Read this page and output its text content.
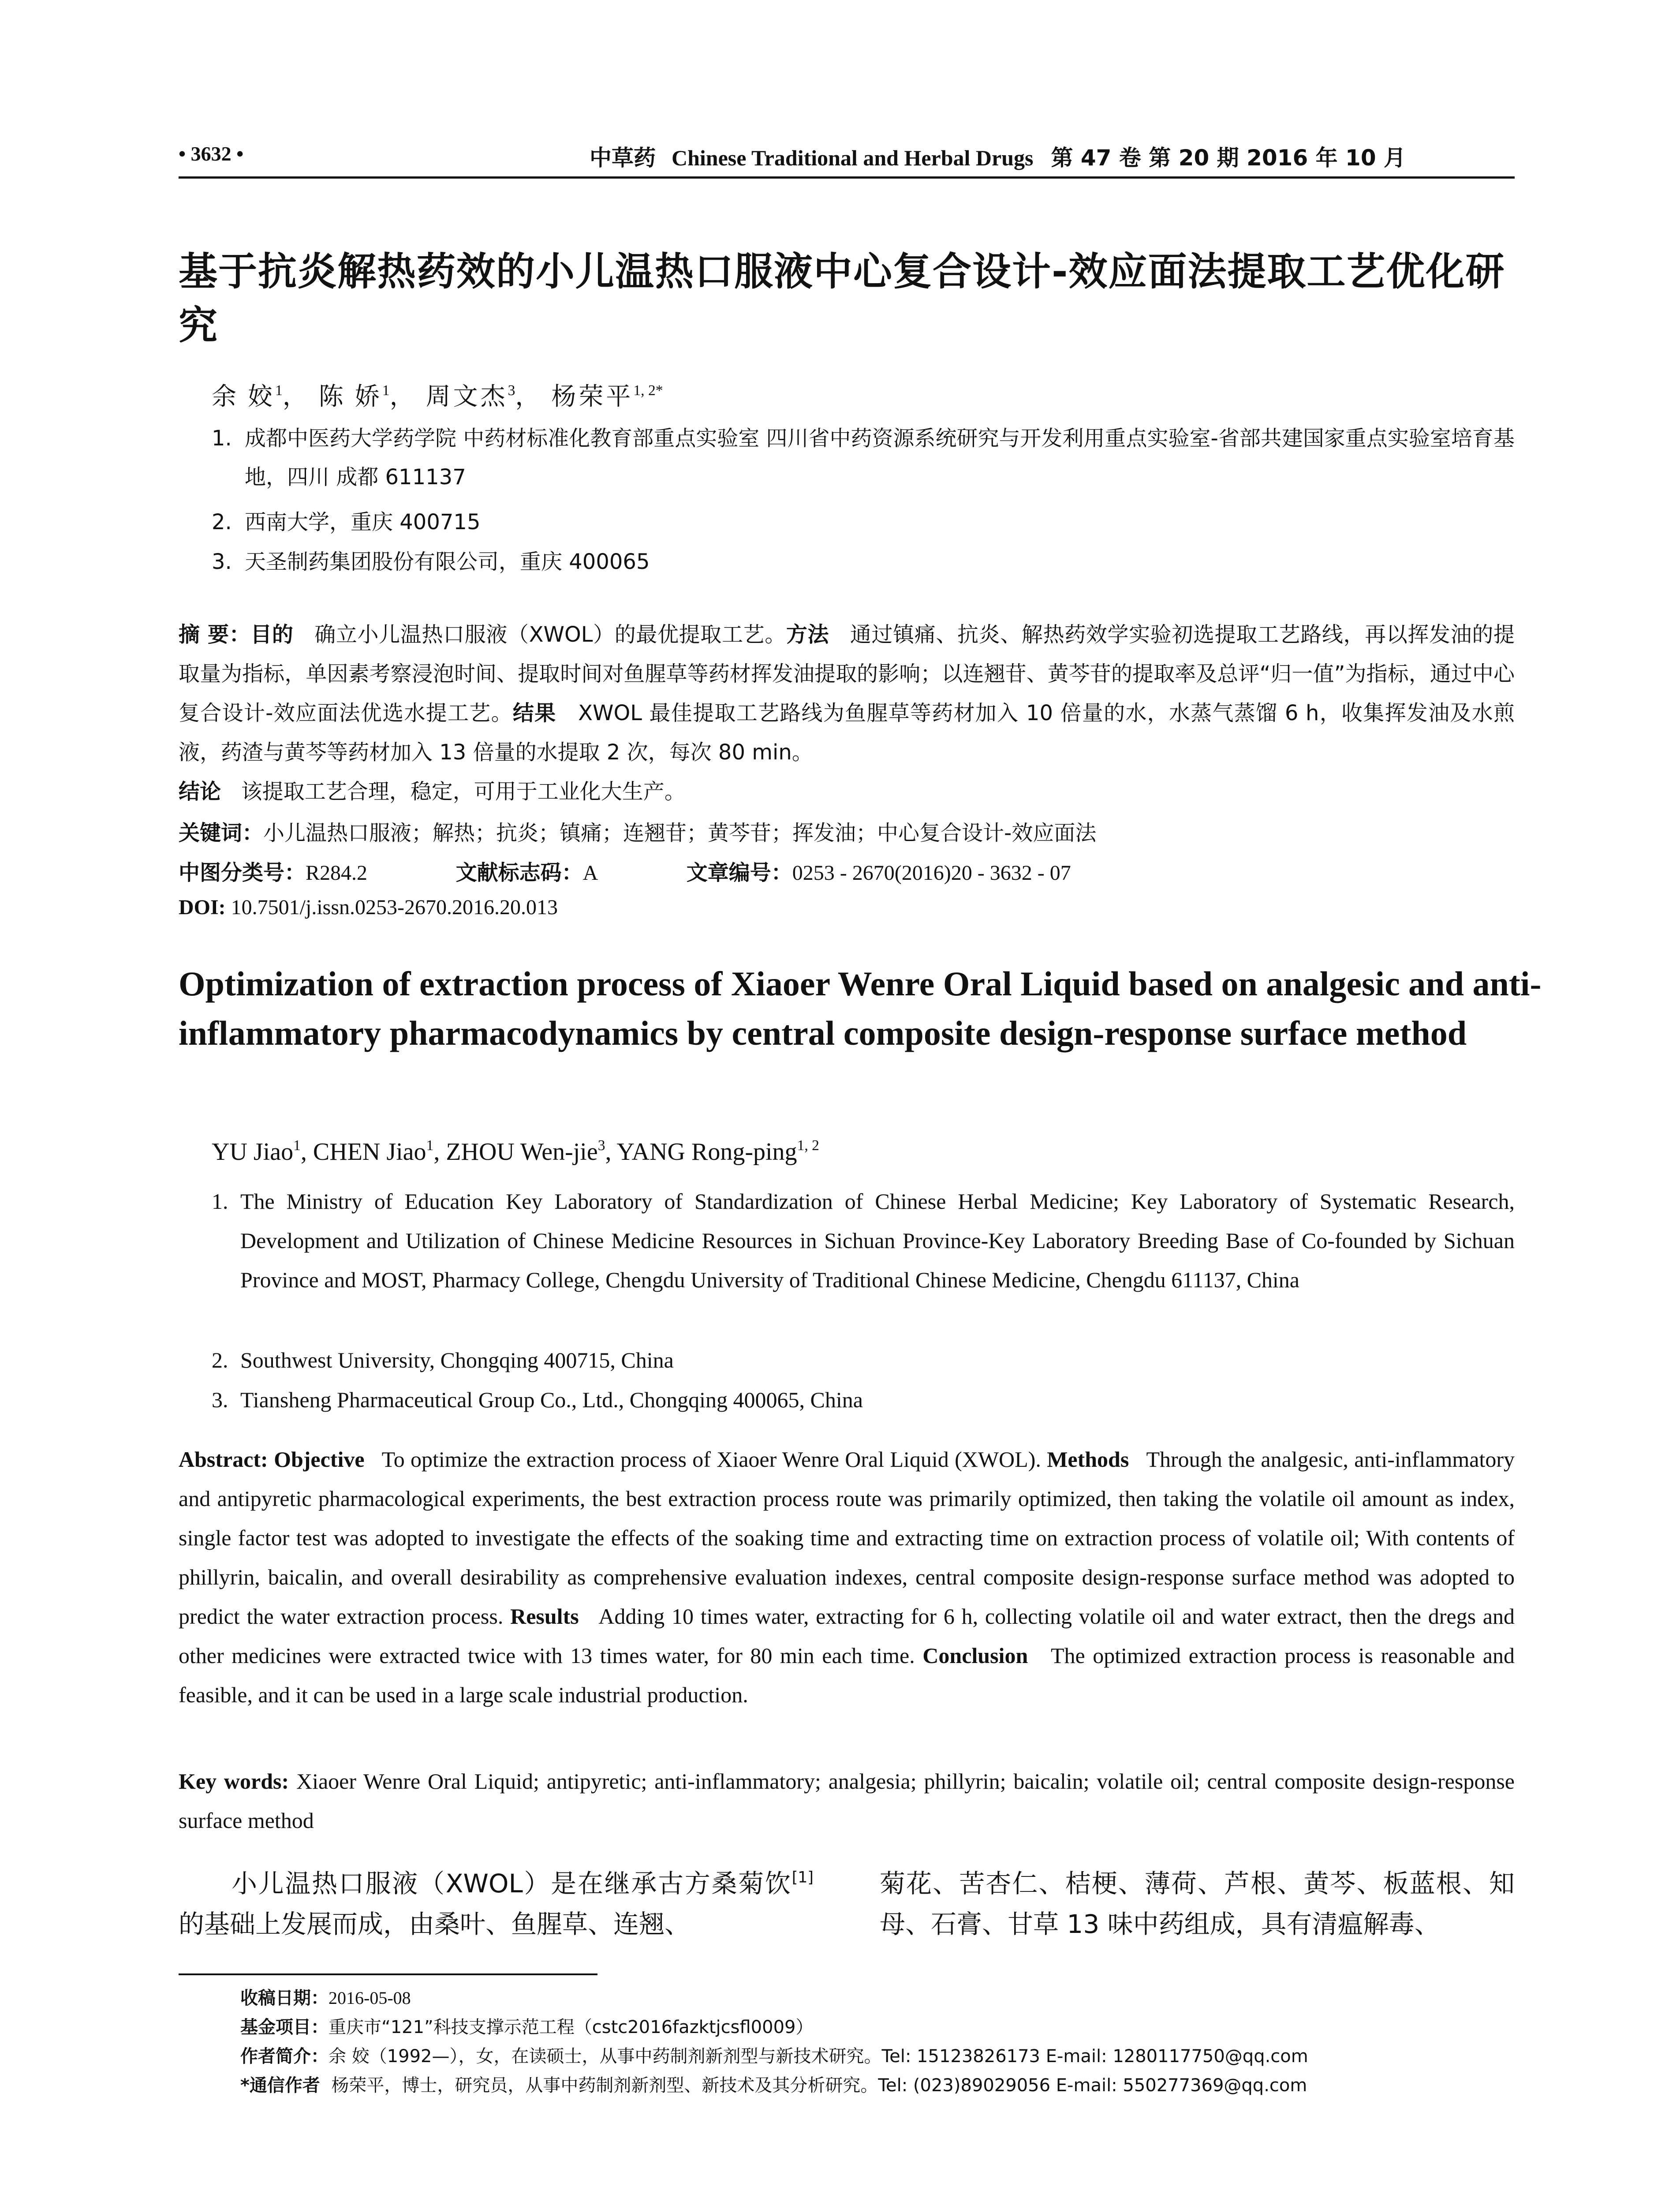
• 3632 •	中草药 Chinese Traditional and Herbal Drugs 第 47 卷 第 20 期 2016 年 10 月
基于抗炎解热药效的小儿温热口服液中心复合设计-效应面法提取工艺优化研究
余 姣$^1$， 陈 娇$^1$， 周文杰$^3$， 杨荣平$^{1, 2*}$
1. 成都中医药大学药学院 中药材标准化教育部重点实验室 四川省中药资源系统研究与开发利用重点实验室-省部共建国家重点实验室培育基地，四川 成都 611137
2. 西南大学，重庆 400715
3. 天圣制药集团股份有限公司，重庆 400065
摘 要：目的 确立小儿温热口服液（XWOL）的最优提取工艺。方法 通过镇痛、抗炎、解热药效学实验初选提取工艺路线，再以挥发油的提取量为指标，单因素考察浸泡时间、提取时间对鱼腥草等药材挥发油提取的影响；以连翘苷、黄芩苷的提取率及总评“归一值”为指标，通过中心复合设计-效应面法优选水提工艺。结果 XWOL 最佳提取工艺路线为鱼腥草等药材加入 10 倍量的水，水蒸气蒸馏 6 h，收集挥发油及水煎液，药渣与黄芩等药材加入 13 倍量的水提取 2 次，每次 80 min。
结论 该提取工艺合理，稳定，可用于工业化大生产。
关键词：小儿温热口服液；解热；抗炎；镇痛；连翘苷；黄芩苷；挥发油；中心复合设计-效应面法
中图分类号：R284.2	文献标志码：A	文章编号：0253 - 2670(2016)20 - 3632 - 07
DOI: 10.7501/j.issn.0253-2670.2016.20.013
Optimization of extraction process of Xiaoer Wenre Oral Liquid based on analgesic and anti-inflammatory pharmacodynamics by central composite design-response surface method
YU Jiao$^1$, CHEN Jiao$^1$, ZHOU Wen-jie$^3$, YANG Rong-ping$^{1, 2}$
1. The Ministry of Education Key Laboratory of Standardization of Chinese Herbal Medicine; Key Laboratory of Systematic Research, Development and Utilization of Chinese Medicine Resources in Sichuan Province-Key Laboratory Breeding Base of Co-founded by Sichuan Province and MOST, Pharmacy College, Chengdu University of Traditional Chinese Medicine, Chengdu 611137, China
2. Southwest University, Chongqing 400715, China
3. Tiansheng Pharmaceutical Group Co., Ltd., Chongqing 400065, China
Abstract: Objective To optimize the extraction process of Xiaoer Wenre Oral Liquid (XWOL). Methods Through the analgesic, anti-inflammatory and antipyretic pharmacological experiments, the best extraction process route was primarily optimized, then taking the volatile oil amount as index, single factor test was adopted to investigate the effects of the soaking time and extracting time on extraction process of volatile oil; With contents of phillyrin, baicalin, and overall desirability as comprehensive evaluation indexes, central composite design-response surface method was adopted to predict the water extraction process. Results Adding 10 times water, extracting for 6 h, collecting volatile oil and water extract, then the dregs and other medicines were extracted twice with 13 times water, for 80 min each time. Conclusion The optimized extraction process is reasonable and feasible, and it can be used in a large scale industrial production.
Key words: Xiaoer Wenre Oral Liquid; antipyretic; anti-inflammatory; analgesia; phillyrin; baicalin; volatile oil; central composite design-response surface method
小儿温热口服液（XWOL）是在继承古方桑菊饮[1]的基础上发展而成，由桑叶、鱼腥草、连翘、
菊花、苦杏仁、桔梗、薄荷、芦根、黄芩、板蓝根、知母、石膏、甘草 13 味中药组成，具有清瘟解毒、
收稿日期：2016-05-08
基金项目：重庆市“121”科技支撑示范工程（cstc2016fazktjcsfl0009）
作者简介：余 姣（1992—），女，在读硕士，从事中药制剂新剂型与新技术研究。Tel: 15123826173 E-mail: 1280117750@qq.com
*通信作者 杨荣平，博士，研究员，从事中药制剂新剂型、新技术及其分析研究。Tel: (023)89029056 E-mail: 550277369@qq.com
